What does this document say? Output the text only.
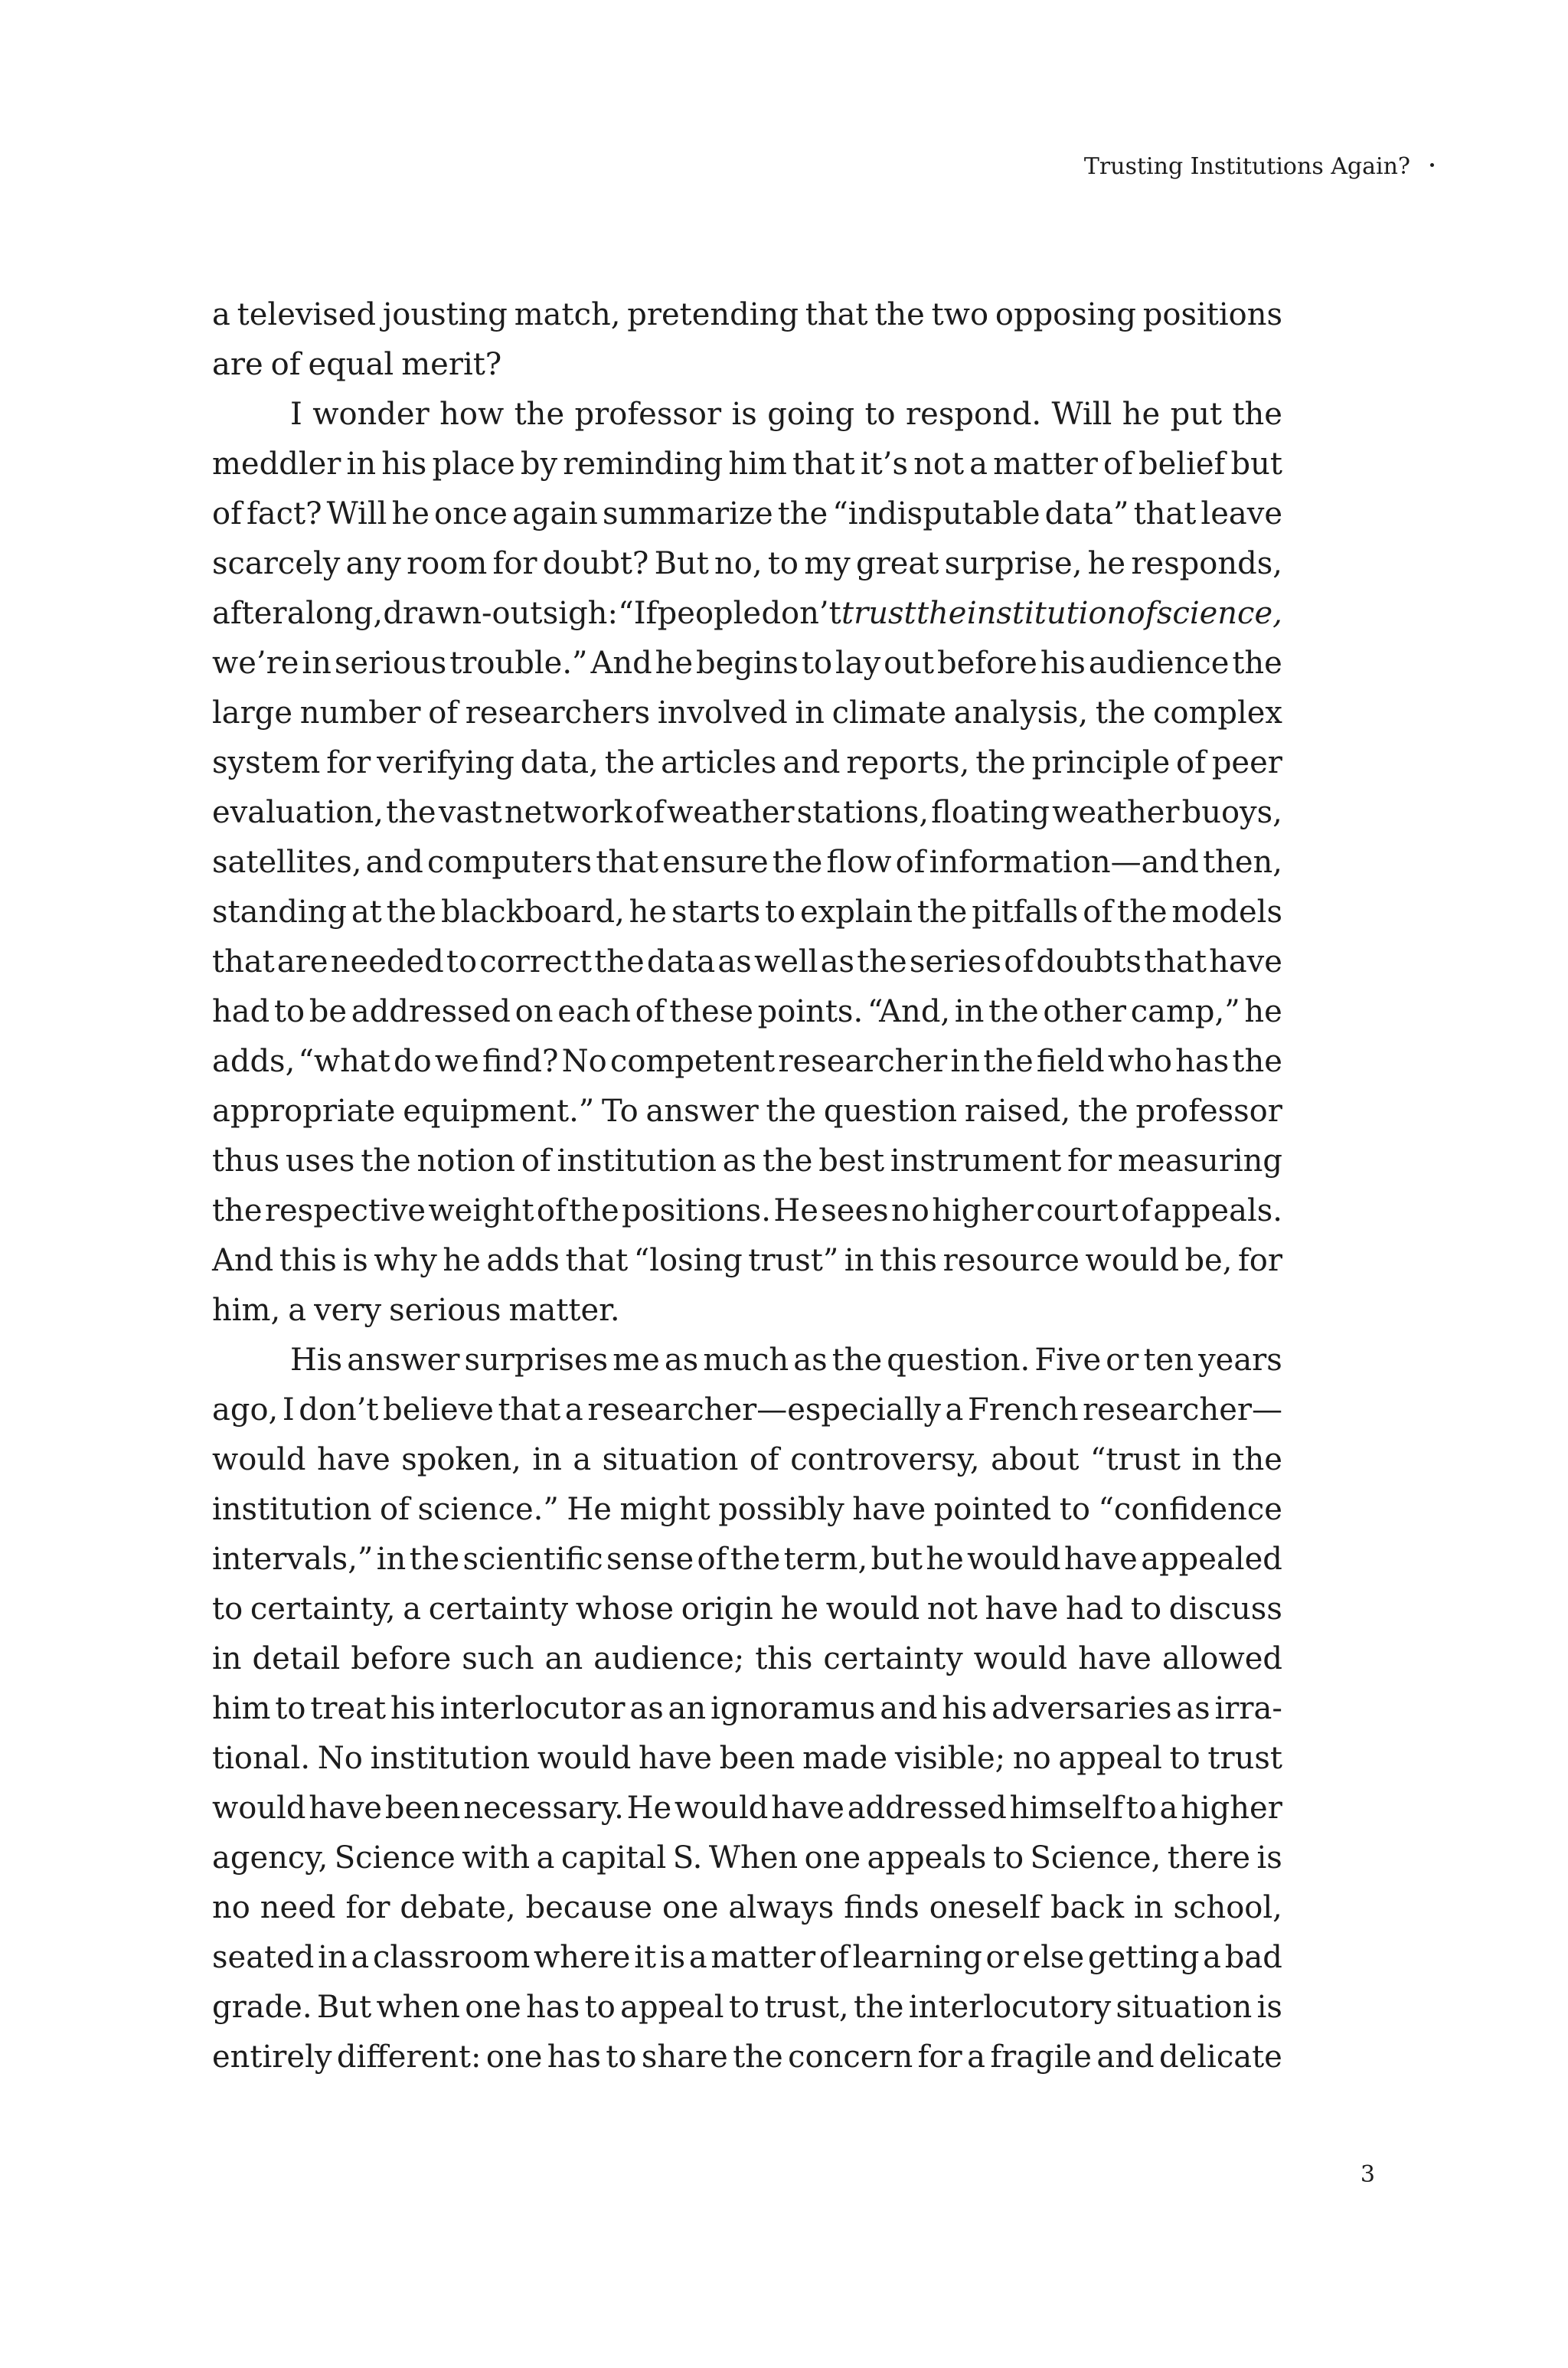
Trusting Institutions Again?
a televised jousting match, pretending that the two opposing positions
are of equal merit?
I wonder how the professor is going to respond. Will he put the
meddler in his place by reminding him that it’s not a matter of belief but
of fact? Will he once again summarize the “indisputable data” that leave
scarcely any room for doubt? But no, to my great surprise, he responds,
after a long, drawn-out sigh: “If people don’t trust the institution of science,
we’re in serious trouble.” And he begins to lay out before his audience the
large number of researchers involved in climate analysis, the complex
system for verifying data, the articles and reports, the principle of peer
evaluation, the vast network of weather stations, floating weather buoys,
satellites, and computers that ensure the flow of information—and then,
standing at the blackboard, he starts to explain the pitfalls of the models
that are needed to correct the data as well as the series of doubts that have
had to be addressed on each of these points. “And, in the other camp,” he
adds, “what do we find? No competent researcher in the field who has the
appropriate equipment.” To answer the question raised, the professor
thus uses the notion of institution as the best instrument for measuring
the respective weight of the positions. He sees no higher court of appeals.
And this is why he adds that “losing trust” in this resource would be, for
him, a very serious matter.
His answer surprises me as much as the question. Five or ten years
ago, I don’t believe that a researcher—especially a French researcher—
would have spoken, in a situation of controversy, about “trust in the
institution of science.” He might possibly have pointed to “confidence
intervals,” in the scientific sense of the term, but he would have appealed
to certainty, a certainty whose origin he would not have had to discuss
in detail before such an audience; this certainty would have allowed
him to treat his interlocutor as an ignoramus and his adversaries as irra-
tional. No institution would have been made visible; no appeal to trust
would have been necessary. He would have addressed himself to a higher
agency, Science with a capital S. When one appeals to Science, there is
no need for debate, because one always finds oneself back in school,
seated in a classroom where it is a matter of learning or else getting a bad
grade. But when one has to appeal to trust, the interlocutory situation is
entirely different: one has to share the concern for a fragile and delicate
3
